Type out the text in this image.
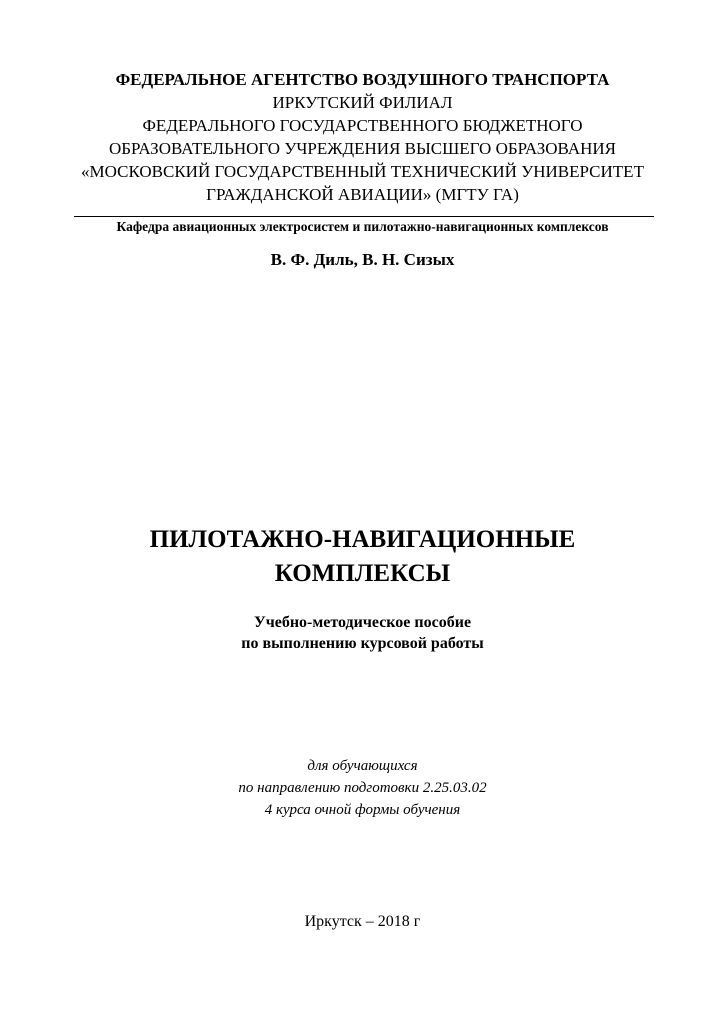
ФЕДЕРАЛЬНОЕ АГЕНТСТВО ВОЗДУШНОГО ТРАНСПОРТА
ИРКУТСКИЙ ФИЛИАЛ
ФЕДЕРАЛЬНОГО ГОСУДАРСТВЕННОГО БЮДЖЕТНОГО
ОБРАЗОВАТЕЛЬНОГО УЧРЕЖДЕНИЯ ВЫСШЕГО ОБРАЗОВАНИЯ
«МОСКОВСКИЙ ГОСУДАРСТВЕННЫЙ ТЕХНИЧЕСКИЙ УНИВЕРСИТЕТ
ГРАЖДАНСКОЙ АВИАЦИИ» (МГТУ ГА)
Кафедра авиационных электросистем и пилотажно-навигационных комплексов
В. Ф. Диль, В. Н. Сизых
ПИЛОТАЖНО-НАВИГАЦИОННЫЕ
КОМПЛЕКСЫ
Учебно-методическое пособие
по выполнению курсовой работы
для обучающихся
по направлению подготовки 2.25.03.02
4 курса очной формы обучения
Иркутск – 2018 г
